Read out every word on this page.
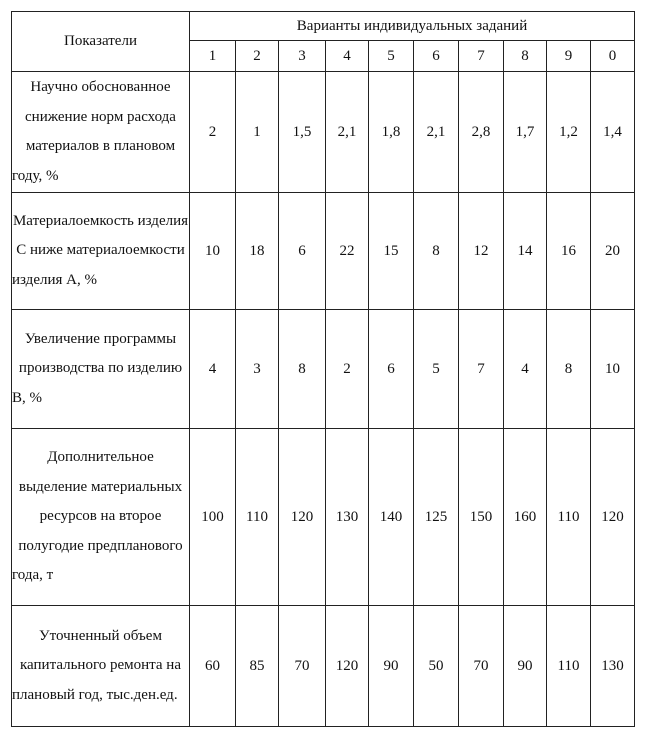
Показатели	Варианты индивидуальных заданий									
	1	2	3	4	5	6	7	8	9	0
Научно обоснованное снижение норм расхода материалов в плановом году, %	2	1	1,5	2,1	1,8	2,1	2,8	1,7	1,2	1,4
Материалоемкость изделия С ниже материалоемкости изделия А, %	10	18	6	22	15	8	12	14	16	20
Увеличение программы производства по изделию В, %	4	3	8	2	6	5	7	4	8	10
Дополнительное выделение материальных ресурсов на второе полугодие предпланового года, т	100	110	120	130	140	125	150	160	110	120
Уточненный объем капитального ремонта на плановый год, тыс.ден.ед.	60	85	70	120	90	50	70	90	110	130
